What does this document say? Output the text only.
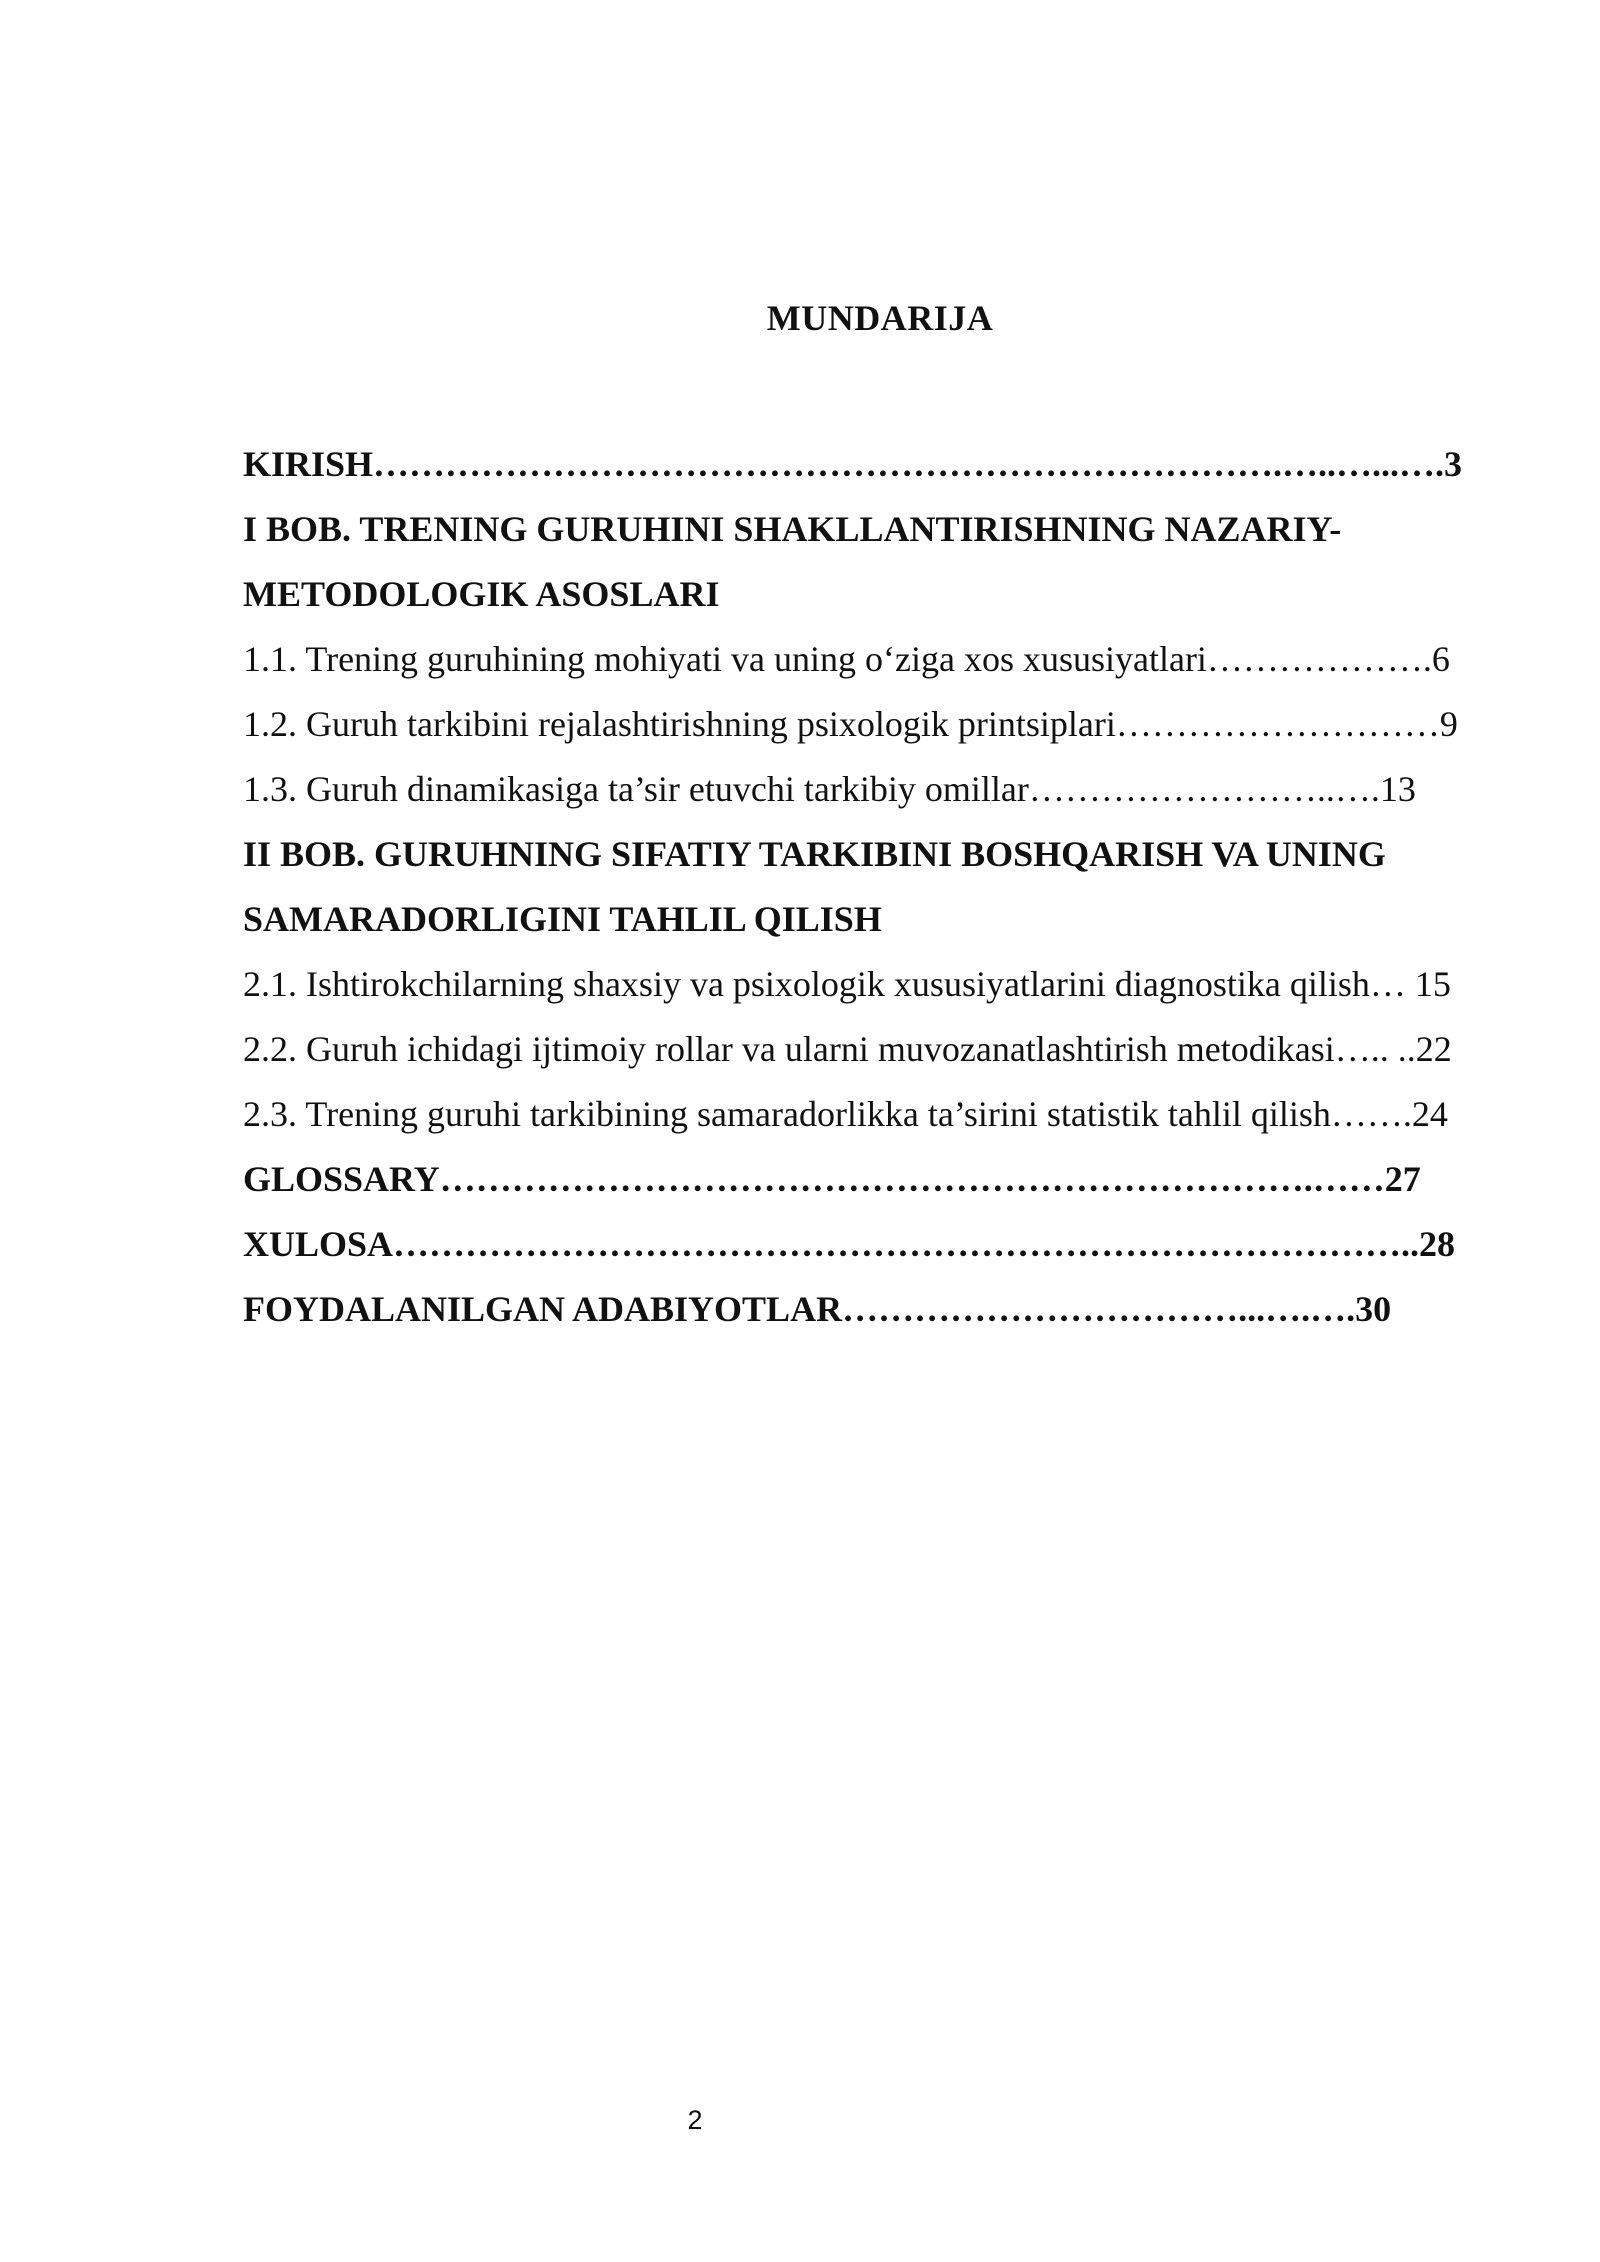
MUNDARIJA
KIRISH………………………………………………………………….…..…...….3
I BOB. TRENING GURUHINI SHAKLLANTIRISHNING NAZARIY-
METODOLOGIK ASOSLARI
1.1. Trening guruhining mohiyati va uning o‘ziga xos xususiyatlari……………….6
1.2. Guruh tarkibini rejalashtirishning psixologik printsiplari………………………9
1.3. Guruh dinamikasiga ta’sir etuvchi tarkibiy omillar……………………..….13
II BOB. GURUHNING SIFATIY TARKIBINI BOSHQARISH VA UNING
SAMARADORLIGINI TAHLIL QILISH
2.1. Ishtirokchilarning shaxsiy va psixologik xususiyatlarini diagnostika qilish… 15
2.2. Guruh ichidagi ijtimoiy rollar va ularni muvozanatlashtirish metodikasi….. ..22
2.3. Trening guruhi tarkibining samaradorlikka ta’sirini statistik tahlil qilish…….24
GLOSSARY……………………………………………………………….……27
XULOSA…………………………………………………………………………..28
FOYDALANILGAN ADABIYOTLAR……………………………...….….30
2
